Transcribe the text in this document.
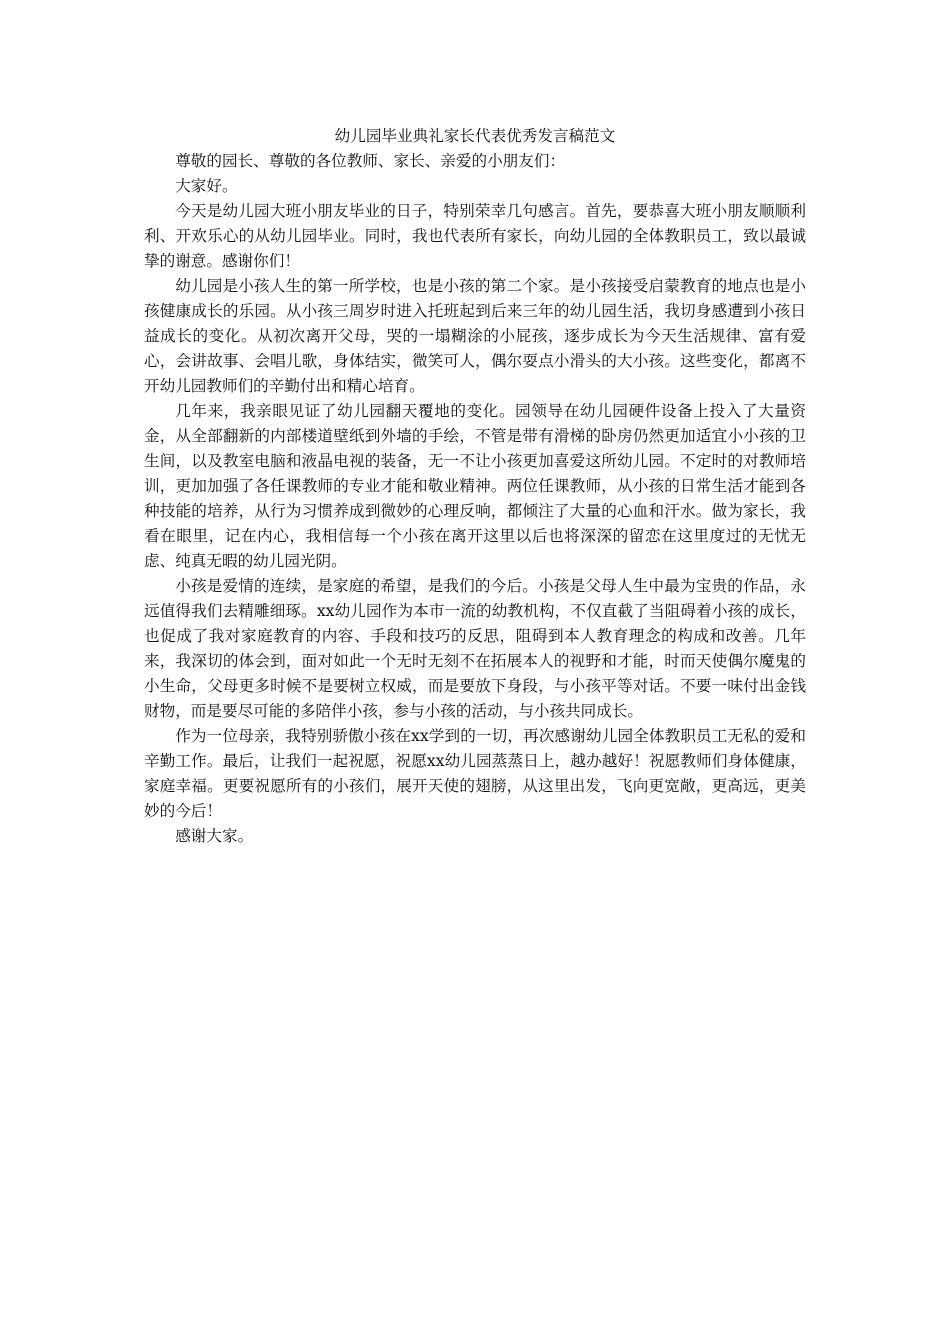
幼儿园毕业典礼家长代表优秀发言稿范文

尊敬的园长、尊敬的各位教师、家长、亲爱的小朋友们：

大家好。

今天是幼儿园大班小朋友毕业的日子，特别荣幸几句感言。首先，要恭喜大班小朋友顺顺利利、开欢乐心的从幼儿园毕业。同时，我也代表所有家长，向幼儿园的全体教职员工，致以最诚挚的谢意。感谢你们！

幼儿园是小孩人生的第一所学校，也是小孩的第二个家。是小孩接受启蒙教育的地点也是小孩健康成长的乐园。从小孩三周岁时进入托班起到后来三年的幼儿园生活，我切身感遭到小孩日益成长的变化。从初次离开父母，哭的一塌糊涂的小屁孩，逐步成长为今天生活规律、富有爱心，会讲故事、会唱儿歌，身体结实，微笑可人，偶尔耍点小滑头的大小孩。这些变化，都离不开幼儿园教师们的辛勤付出和精心培育。

几年来，我亲眼见证了幼儿园翻天覆地的变化。园领导在幼儿园硬件设备上投入了大量资金，从全部翻新的内部楼道壁纸到外墙的手绘，不管是带有滑梯的卧房仍然更加适宜小小孩的卫生间，以及教室电脑和液晶电视的装备，无一不让小孩更加喜爱这所幼儿园。不定时的对教师培训，更加加强了各任课教师的专业才能和敬业精神。两位任课教师，从小孩的日常生活才能到各种技能的培养，从行为习惯养成到微妙的心理反响，都倾注了大量的心血和汗水。做为家长，我看在眼里，记在内心，我相信每一个小孩在离开这里以后也将深深的留恋在这里度过的无忧无虑、纯真无暇的幼儿园光阴。

小孩是爱情的连续，是家庭的希望，是我们的今后。小孩是父母人生中最为宝贵的作品，永远值得我们去精雕细琢。xx幼儿园作为本市一流的幼教机构，不仅直截了当阻碍着小孩的成长，也促成了我对家庭教育的内容、手段和技巧的反思，阻碍到本人教育理念的构成和改善。几年来，我深切的体会到，面对如此一个无时无刻不在拓展本人的视野和才能，时而天使偶尔魔鬼的小生命，父母更多时候不是要树立权威，而是要放下身段，与小孩平等对话。不要一味付出金钱财物，而是要尽可能的多陪伴小孩，参与小孩的活动，与小孩共同成长。

作为一位母亲，我特别骄傲小孩在xx学到的一切，再次感谢幼儿园全体教职员工无私的爱和辛勤工作。最后，让我们一起祝愿，祝愿xx幼儿园蒸蒸日上，越办越好！祝愿教师们身体健康，家庭幸福。更要祝愿所有的小孩们，展开天使的翅膀，从这里出发，飞向更宽敞，更高远，更美妙的今后！

感谢大家。
